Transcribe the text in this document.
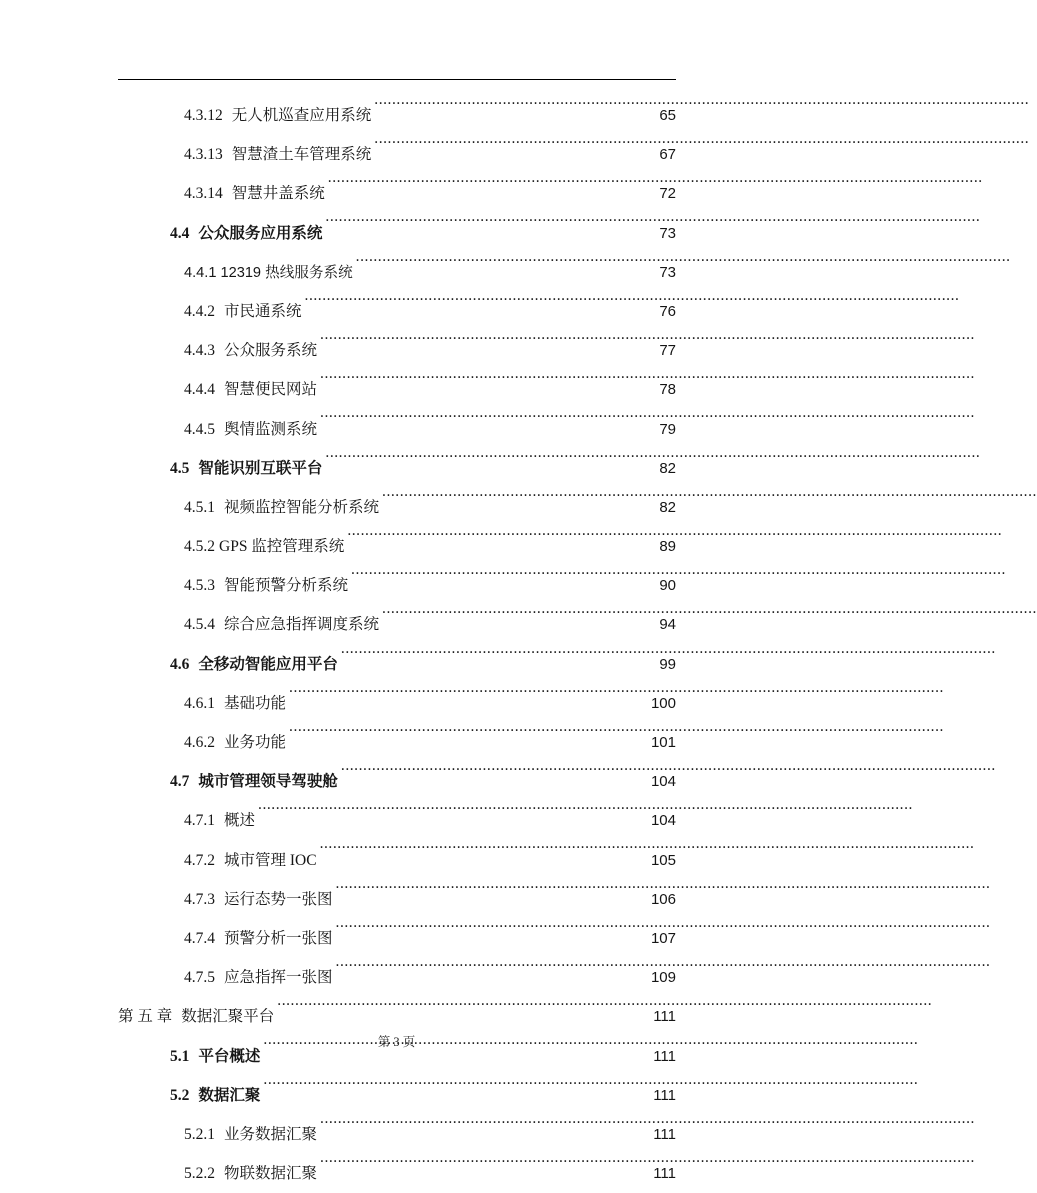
4.3.12 无人机巡查应用系统 .....	65
4.3.13 智慧渣土车管理系统 .....	67
4.3.14 智慧井盖系统 .....	72
4.4 公众服务应用系统 .....	73
4.4.1 12319 热线服务系统 .....	73
4.4.2 市民通系统 .....	76
4.4.3 公众服务系统 .....	77
4.4.4 智慧便民网站 .....	78
4.4.5 舆情监测系统 .....	79
4.5 智能识别互联平台 .....	82
4.5.1 视频监控智能分析系统 .....	82
4.5.2 GPS 监控管理系统 .....	89
4.5.3 智能预警分析系统 .....	90
4.5.4 综合应急指挥调度系统 .....	94
4.6 全移动智能应用平台 .....	99
4.6.1 基础功能 .....	100
4.6.2 业务功能 .....	101
4.7 城市管理领导驾驶舱 .....	104
4.7.1 概述 .....	104
4.7.2 城市管理 IOC .....	105
4.7.3 运行态势一张图 .....	106
4.7.4 预警分析一张图 .....	107
4.7.5 应急指挥一张图 .....	109
第 五 章 数据汇聚平台 .....	111
5.1 平台概述 .....	111
5.2 数据汇聚 .....	111
5.2.1 业务数据汇聚 .....	111
5.2.2 物联数据汇聚 .....	111
第 3 页
